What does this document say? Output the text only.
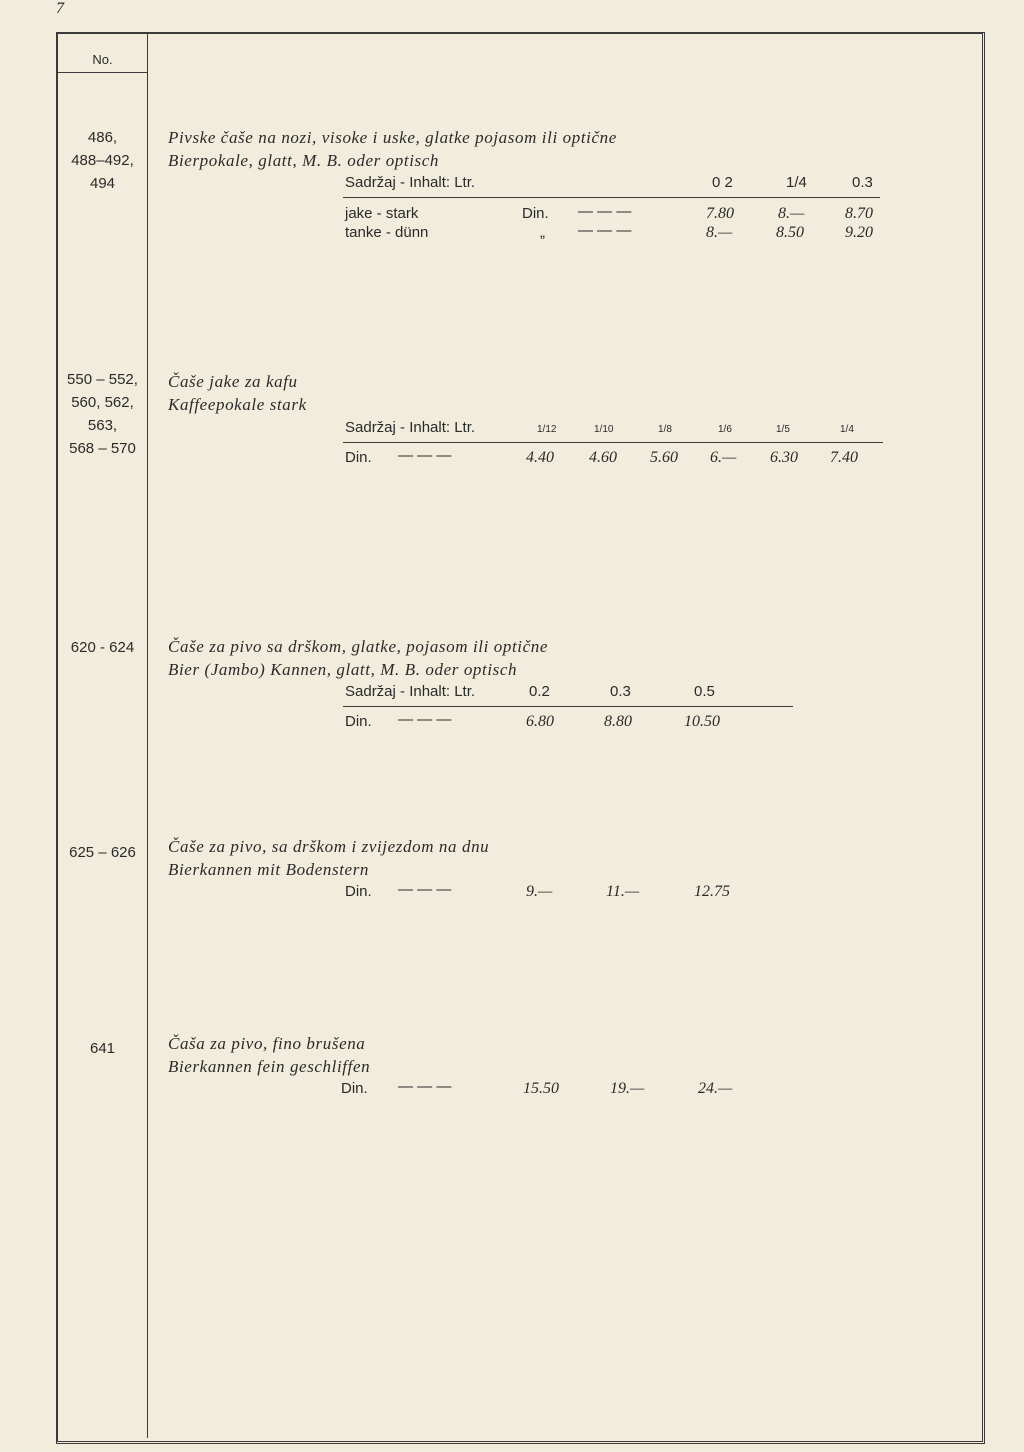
7
No.
486,
488–492,
494
Pivske čaše na nozi, visoke i uske, glatke pojasom ili optične
Bierpokale, glatt, M. B. oder optisch
Sadržaj - Inhalt: Ltr.	0 2	1/4	0.3
jake - stark	Din. — — —	7.80	8.—	8.70
tanke - dünn	„ — — —	8.—	8.50	9.20
550 – 552,
560, 562,
563,
568 – 570
Čaše jake za kafu
Kaffeepokale stark
Sadržaj - Inhalt: Ltr.	1/12	1/10	1/8	1/6	1/5	1/4
Din. — — —	4.40 4.60 5.60 6.— 6.30 7.40
620 - 624	Čaše za pivo sa drškom, glatke, pojasom ili optične
Bier (Jambo) Kannen, glatt, M. B. oder optisch
Sadržaj - Inhalt: Ltr.	0.2	0.3	0.5
Din. — — —	6.80	8.80	10.50
625 – 626	Čaše za pivo, sa drškom i zvijezdom na dnu
Bierkannen mit Bodenstern
Din. — — —	9.—	11.—	12.75
641	Čaša za pivo, fino brušena
Bierkannen fein geschliffen
Din. — — —	15.50	19.—	24.—
